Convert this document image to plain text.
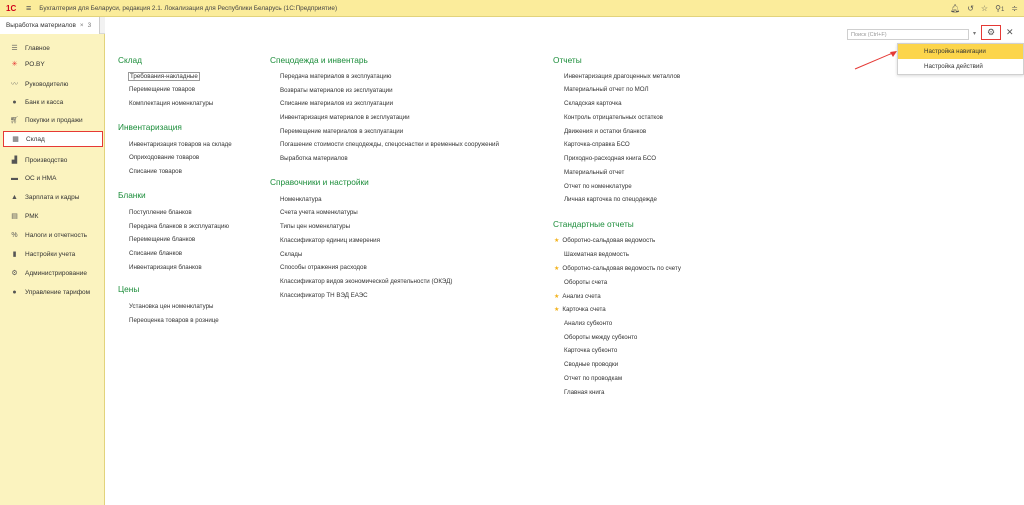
1С	≡ Бухгалтерия для Беларуси, редакция 2.1. Локализация для Республики Беларусь (1С:Предприятие)	🔔︎ ↺ ☆ ⚲1 ≑
Выработка материалов × 3
☰ Главное
✳ РО.BY
〰 Руководителю
●	Банк и касса
🛒︎ Покупки и продажи
▦ Склад
▟ Производство
▬ ОС и НМА
▲ Зарплата и кадры
▤ РМК
% Налоги и отчетность
▮	Настройки учета
⚙ Администрирование
●	Управление тарифом
Поиск (Ctrl+F)	▾	⚙	✕
Настройка навигации
Настройка действий
Склад
Требования-накладные
Перемещение товаров
Комплектация номенклатуры
Инвентаризация
Инвентаризация товаров на складе
Оприходование товаров
Списание товаров
Бланки
Поступление бланков
Передача бланков в эксплуатацию
Перемещение бланков
Списание бланков
Инвентаризация бланков
Цены
Установка цен номенклатуры
Переоценка товаров в рознице
Спецодежда и инвентарь
Передача материалов в эксплуатацию
Возвраты материалов из эксплуатации
Списание материалов из эксплуатации
Инвентаризация материалов в эксплуатации
Перемещение материалов в эксплуатации
Погашение стоимости спецодежды, спецоснастки и временных сооружений
Выработка материалов
Справочники и настройки
Номенклатура
Счета учета номенклатуры
Типы цен номенклатуры
Классификатор единиц измерения
Склады
Способы отражения расходов
Классификатор видов экономической деятельности (ОКЭД)
Классификатор ТН ВЭД ЕАЭС
Отчеты
Инвентаризация драгоценных металлов
Материальный отчет по МОЛ
Складская карточка
Контроль отрицательных остатков
Движения и остатки бланков
Карточка-справка БСО
Приходно-расходная книга БСО
Материальный отчет
Отчет по номенклатуре
Личная карточка по спецодежде
Стандартные отчеты
★ Оборотно-сальдовая ведомость
Шахматная ведомость
★ Оборотно-сальдовая ведомость по счету
Обороты счета
★ Анализ счета
★ Карточка счета
Анализ субконто
Обороты между субконто
Карточка субконто
Сводные проводки
Отчет по проводкам
Главная книга
